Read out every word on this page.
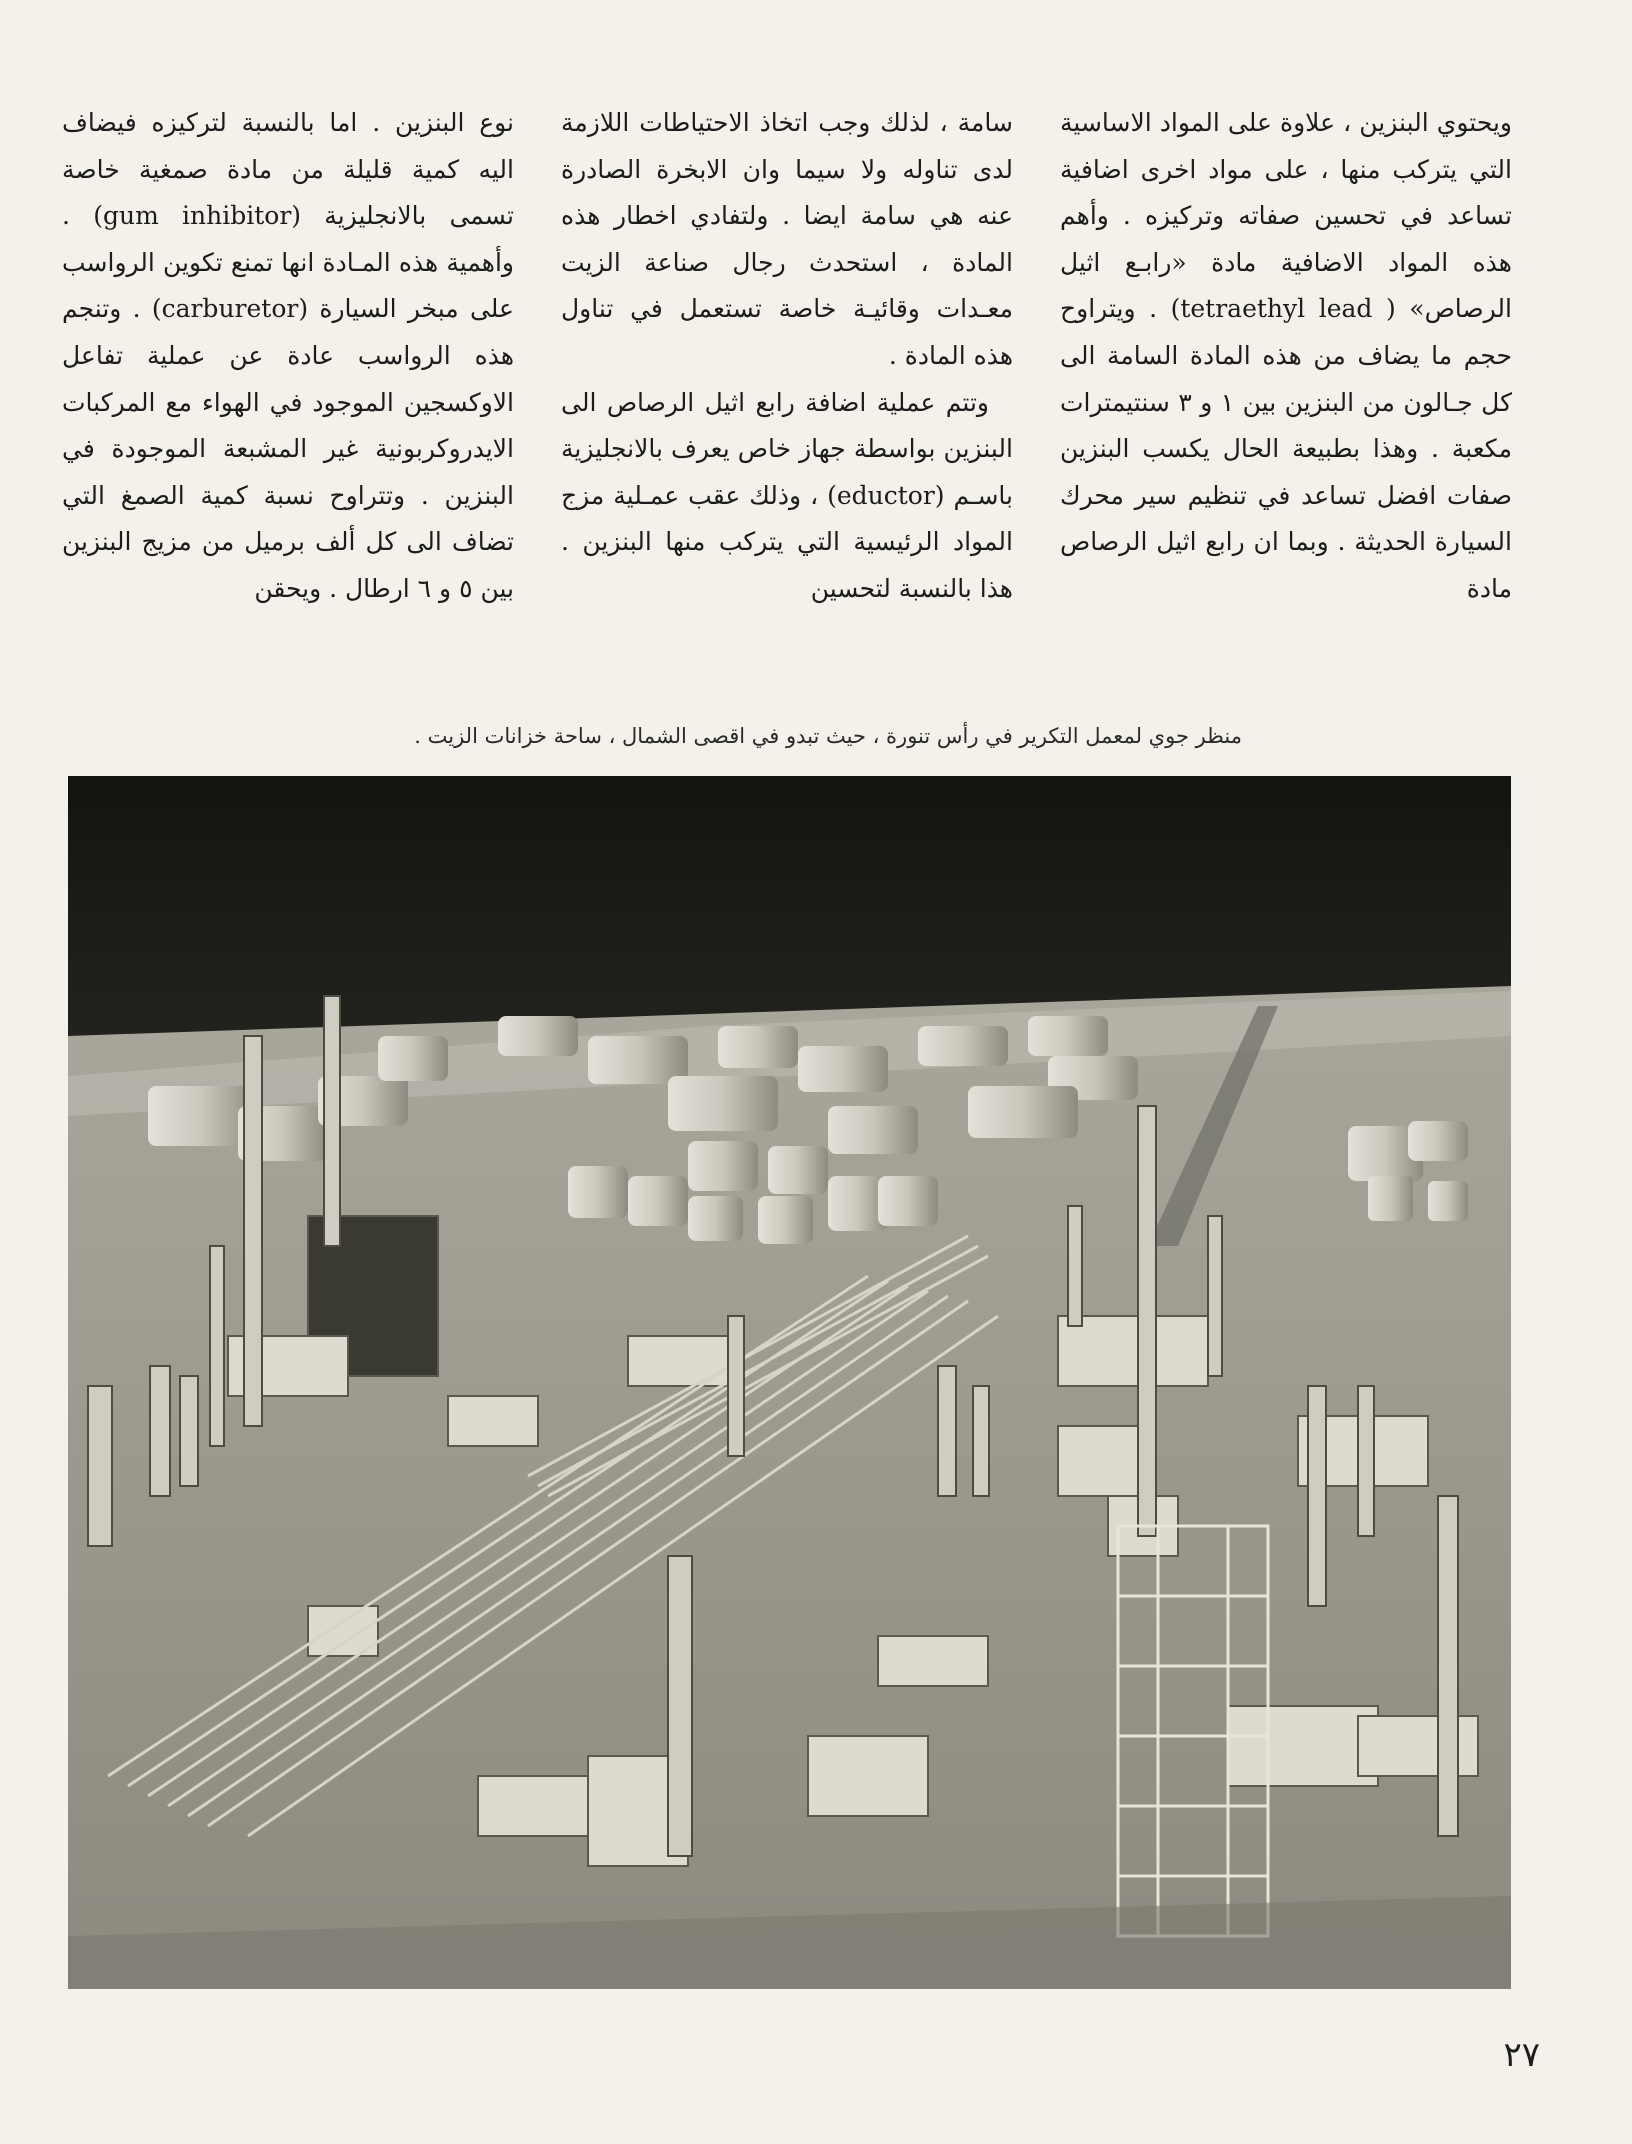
ويحتوي البنزين ، علاوة على المواد الاساسية التي يتركب منها ، على مواد اخرى اضافية تساعد في تحسين صفاته وتركيزه . وأهم هذه المواد الاضافية مادة «رابـع اثيل الرصاص» ( tetraethyl lead) . ويتراوح حجم ما يضاف من هذه المادة السامة الى كل جـالون من البنزين بين ١ و ٣ سنتيمترات مكعبة . وهذا بطبيعة الحال يكسب البنزين صفات افضل تساعد في تنظيم سير محرك السيارة الحديثة . وبما ان رابع اثيل الرصاص مادة

سامة ، لذلك وجب اتخاذ الاحتياطات اللازمة لدى تناوله ولا سيما وان الابخرة الصادرة عنه هي سامة ايضا . ولتفادي اخطار هذه المادة ، استحدث رجال صناعة الزيت معـدات وقائيـة خاصة تستعمل في تناول هذه المادة .

وتتم عملية اضافة رابع اثيل الرصاص الى البنزين بواسطة جهاز خاص يعرف بالانجليزية باسـم (eductor) ، وذلك عقب عمـلية مزج المواد الرئيسية التي يتركب منها البنزين . هذا بالنسبة لتحسين

نوع البنزين . اما بالنسبة لتركيزه فيضاف اليه كمية قليلة من مادة صمغية خاصة تسمى بالانجليزية (gum inhibitor) . وأهمية هذه المـادة انها تمنع تكوين الرواسب على مبخر السيارة (carburetor) . وتنجم هذه الرواسب عادة عن عملية تفاعل الاوكسجين الموجود في الهواء مع المركبات الايدروكربونية غير المشبعة الموجودة في البنزين . وتتراوح نسبة كمية الصمغ التي تضاف الى كل ألف برميل من مزيج البنزين بين ٥ و ٦ ارطال . ويحقن

منظر جوي لمعمل التكرير في رأس تنورة ، حيث تبدو في اقصى الشمال ، ساحة خزانات الزيت .
٢٧
